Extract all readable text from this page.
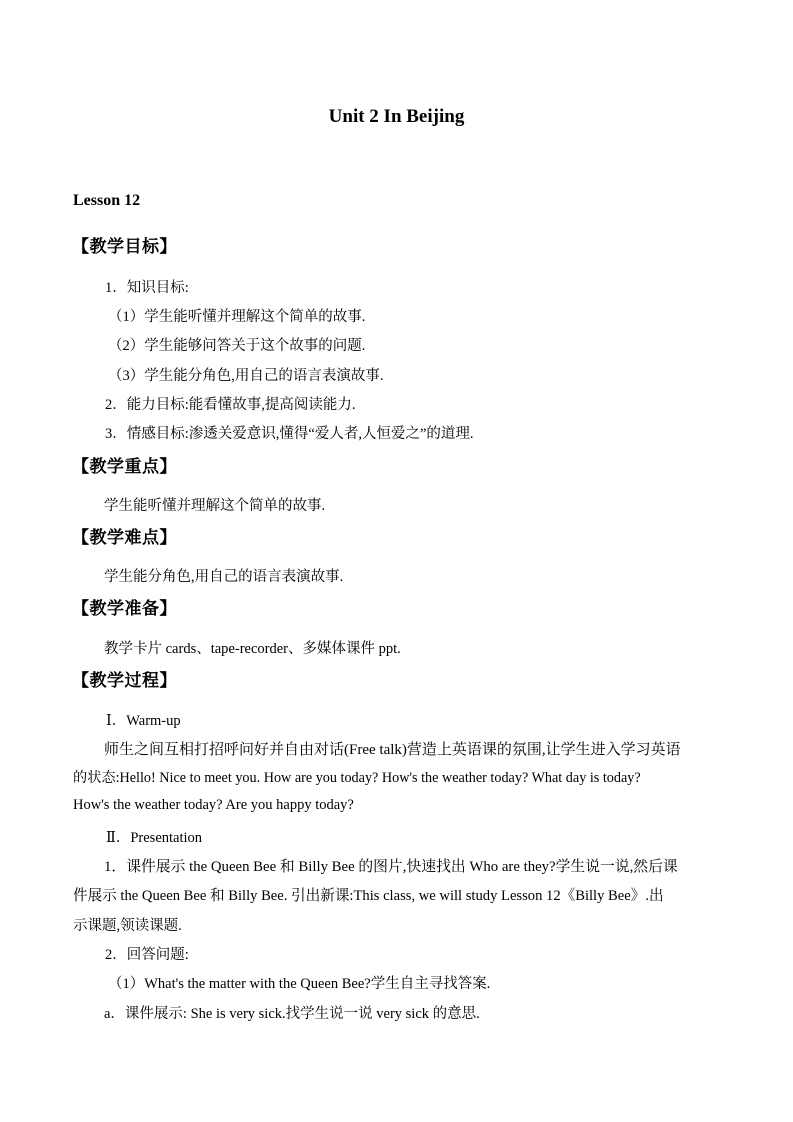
Unit 2 In Beijing
Lesson 12
【教学目标】
1．知识目标:
（1）学生能听懂并理解这个简单的故事.
（2）学生能够问答关于这个故事的问题.
（3）学生能分角色,用自己的语言表演故事.
2．能力目标:能看懂故事,提高阅读能力.
3．情感目标:渗透关爱意识,懂得“爱人者,人恒爱之”的道理.
【教学重点】
学生能听懂并理解这个简单的故事.
【教学难点】
学生能分角色,用自己的语言表演故事.
【教学准备】
教学卡片 cards、tape-recorder、多媒体课件 ppt.
【教学过程】
Ⅰ．Warm-up
师生之间互相打招呼问好并自由对话(Free talk)营造上英语课的氛围,让学生进入学习英语
的状态:Hello! Nice to meet you. How are you today? How's the weather today? What day is today?
How's the weather today? Are you happy today?
Ⅱ．Presentation
1．课件展示 the Queen Bee 和 Billy Bee 的图片,快速找出 Who are they?学生说一说,然后课
件展示 the Queen Bee 和 Billy Bee. 引出新课:This class, we will study Lesson 12《Billy Bee》.出
示课题,领读课题.
2．回答问题:
（1）What's the matter with the Queen Bee?学生自主寻找答案.
a．课件展示: She is very sick.找学生说一说 very sick 的意思.
